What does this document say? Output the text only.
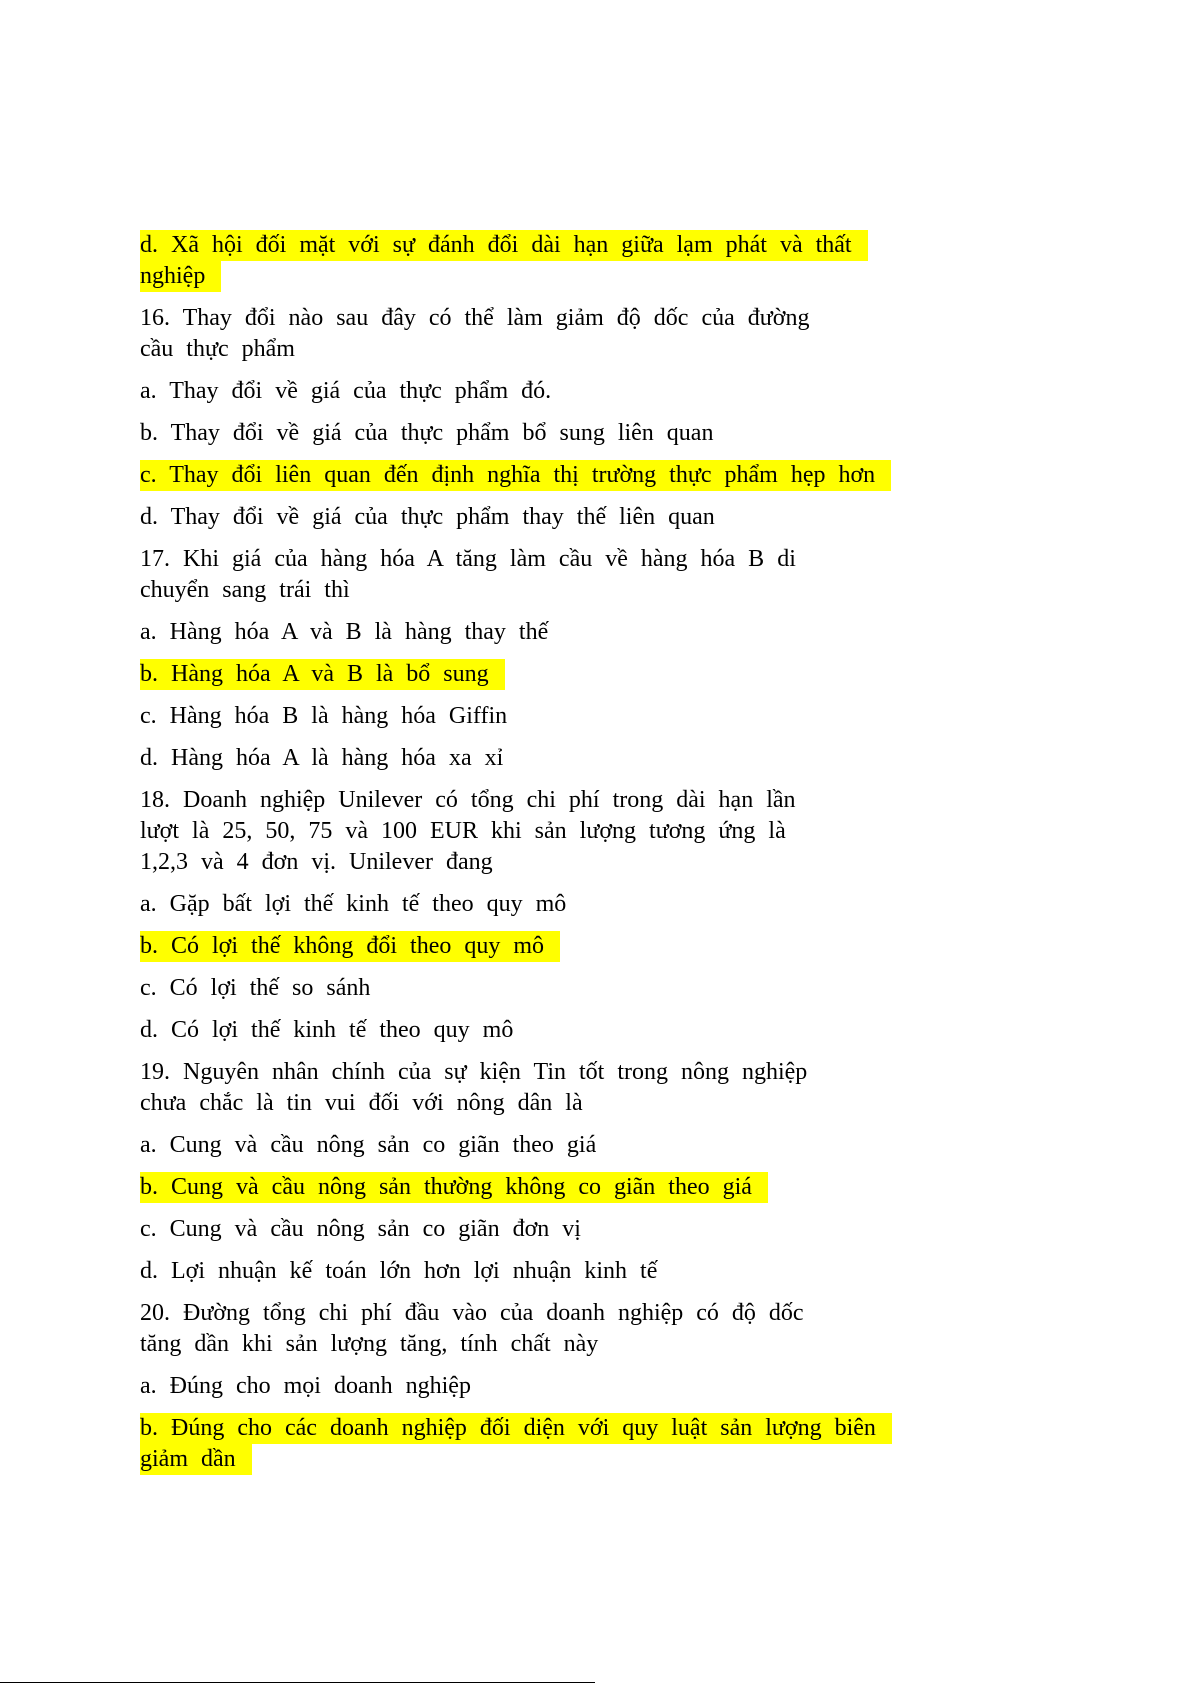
d. Xã hội đối mặt với sự đánh đổi dài hạn giữa lạm phát và thất
nghiệp
16. Thay đổi nào sau đây có thể làm giảm độ dốc của đường
cầu thực phẩm
a. Thay đổi về giá của thực phẩm đó.
b. Thay đổi về giá của thực phẩm bổ sung liên quan
c. Thay đổi liên quan đến định nghĩa thị trường thực phẩm hẹp hơn
d. Thay đổi về giá của thực phẩm thay thế liên quan
17. Khi giá của hàng hóa A tăng làm cầu về hàng hóa B di
chuyển sang trái thì
a. Hàng hóa A và B là hàng thay thế
b. Hàng hóa A và B là bổ sung
c. Hàng hóa B là hàng hóa Giffin
d. Hàng hóa A là hàng hóa xa xỉ
18. Doanh nghiệp Unilever có tổng chi phí trong dài hạn lần
lượt là 25, 50, 75 và 100 EUR khi sản lượng tương ứng là
1,2,3 và 4 đơn vị. Unilever đang
a. Gặp bất lợi thế kinh tế theo quy mô
b. Có lợi thế không đổi theo quy mô
c. Có lợi thế so sánh
d. Có lợi thế kinh tế theo quy mô
19. Nguyên nhân chính của sự kiện Tin tốt trong nông nghiệp
chưa chắc là tin vui đối với nông dân là
a. Cung và cầu nông sản co giãn theo giá
b. Cung và cầu nông sản thường không co giãn theo giá
c. Cung và cầu nông sản co giãn đơn vị
d. Lợi nhuận kế toán lớn hơn lợi nhuận kinh tế
20. Đường tổng chi phí đầu vào của doanh nghiệp có độ dốc
tăng dần khi sản lượng tăng, tính chất này
a. Đúng cho mọi doanh nghiệp
b. Đúng cho các doanh nghiệp đối diện với quy luật sản lượng biên
giảm dần
